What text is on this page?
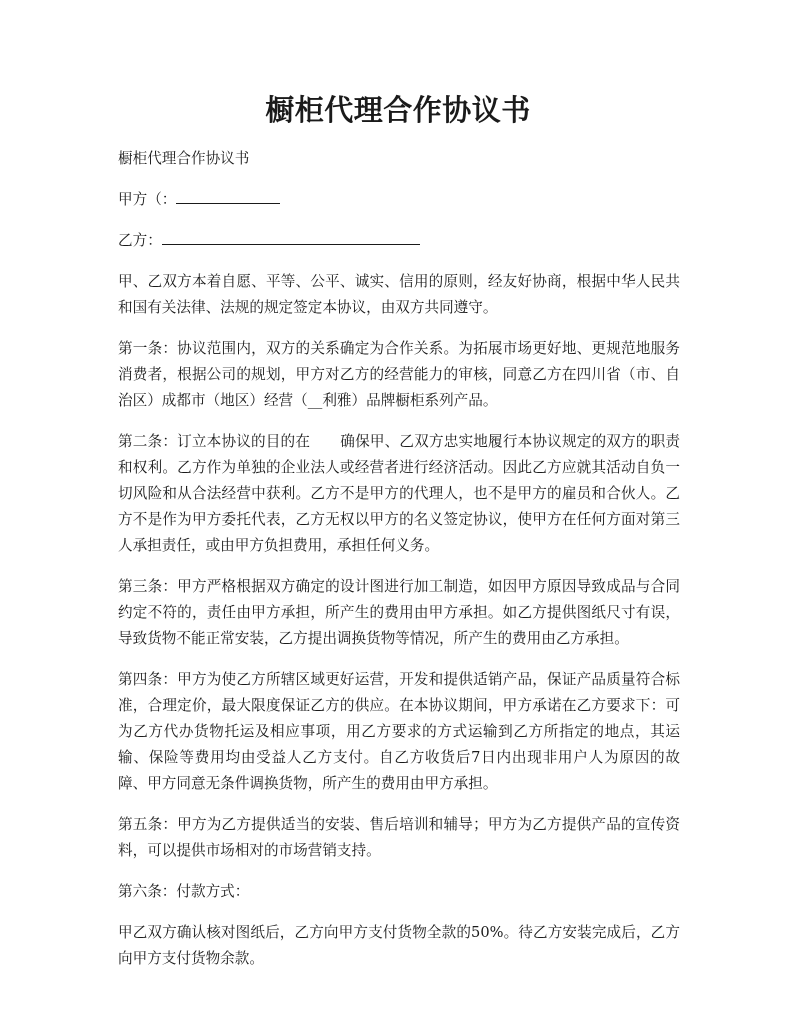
橱柜代理合作协议书

橱柜代理合作协议书

甲方（：

乙方：

甲、乙双方本着自愿、平等、公平、诚实、信用的原则，经友好协商，根据中华人民共和国有关法律、法规的规定签定本协议，由双方共同遵守。

第一条：协议范围内，双方的关系确定为合作关系。为拓展市场更好地、更规范地服务消费者，根据公司的规划，甲方对乙方的经营能力的审核，同意乙方在四川省（市、自治区）成都市（地区）经营（__利雅）品牌橱柜系列产品。

第二条：订立本协议的目的在 确保甲、乙双方忠实地履行本协议规定的双方的职责和权利。乙方作为单独的企业法人或经营者进行经济活动。因此乙方应就其活动自负一切风险和从合法经营中获利。乙方不是甲方的代理人，也不是甲方的雇员和合伙人。乙方不是作为甲方委托代表，乙方无权以甲方的名义签定协议，使甲方在任何方面对第三人承担责任，或由甲方负担费用，承担任何义务。

第三条：甲方严格根据双方确定的设计图进行加工制造，如因甲方原因导致成品与合同约定不符的，责任由甲方承担，所产生的费用由甲方承担。如乙方提供图纸尺寸有误，导致货物不能正常安装，乙方提出调换货物等情况，所产生的费用由乙方承担。

第四条：甲方为使乙方所辖区域更好运营，开发和提供适销产品，保证产品质量符合标准，合理定价，最大限度保证乙方的供应。在本协议期间，甲方承诺在乙方要求下：可为乙方代办货物托运及相应事项，用乙方要求的方式运输到乙方所指定的地点，其运输、保险等费用均由受益人乙方支付。自乙方收货后7日内出现非用户人为原因的故障、甲方同意无条件调换货物，所产生的费用由甲方承担。

第五条：甲方为乙方提供适当的安装、售后培训和辅导；甲方为乙方提供产品的宣传资料，可以提供市场相对的市场营销支持。

第六条：付款方式：

甲乙双方确认核对图纸后，乙方向甲方支付货物全款的50%。待乙方安装完成后，乙方向甲方支付货物余款。
